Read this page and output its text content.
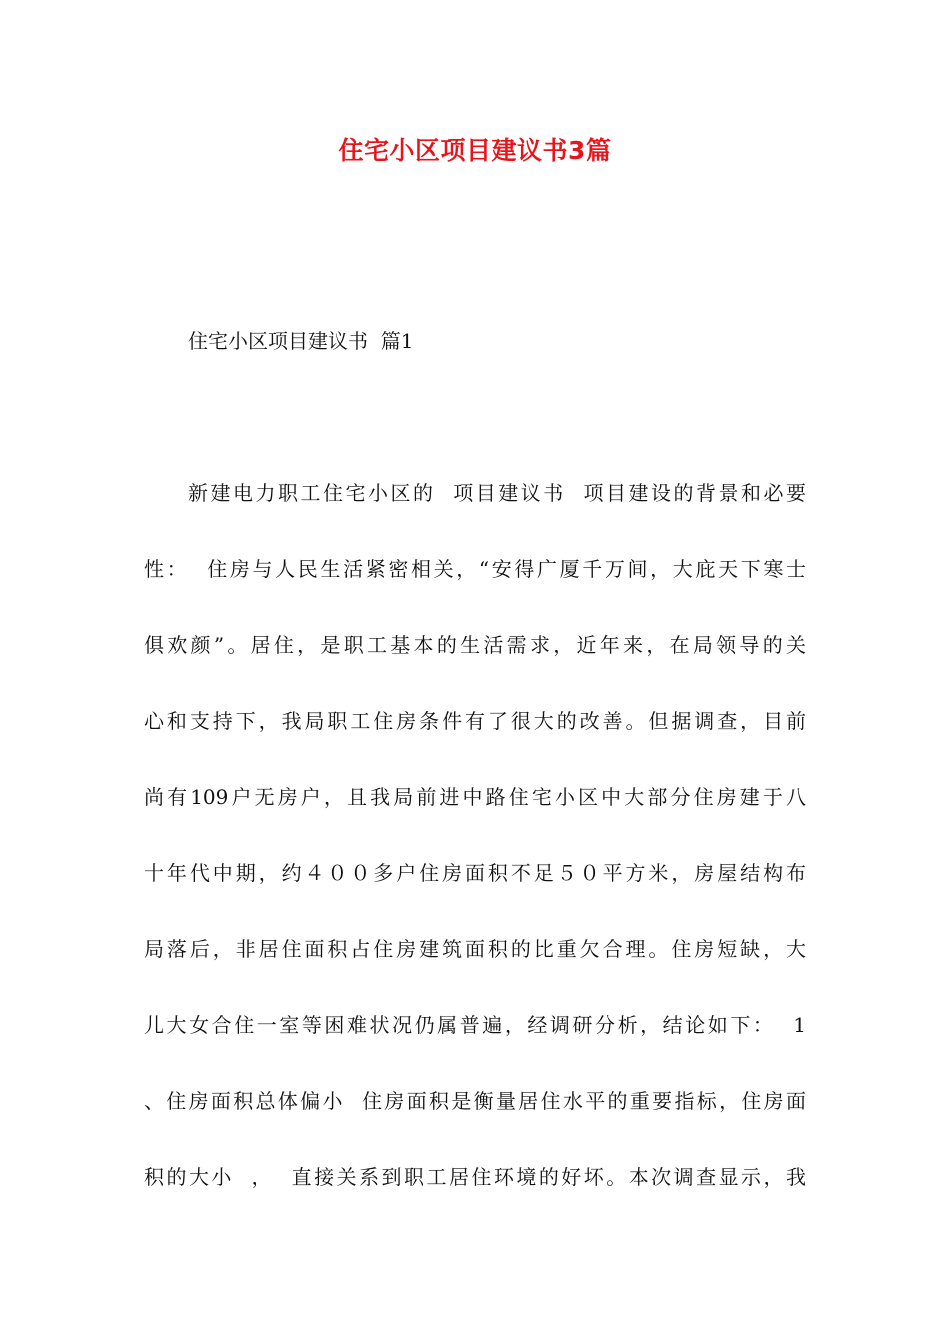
住宅小区项目建议书3篇
住宅小区项目建议书  篇1
新建电力职工住宅小区的  项目建议书  项目建设的背景和必要
性：  住房与人民生活紧密相关，“安得广厦千万间，大庇天下寒士
俱欢颜”。居住，是职工基本的生活需求，近年来，在局领导的关
心和支持下，我局职工住房条件有了很大的改善。但据调查，目前
尚有109户无房户，且我局前进中路住宅小区中大部分住房建于八
十年代中期，约４００多户住房面积不足５０平方米，房屋结构布
局落后，非居住面积占住房建筑面积的比重欠合理。住房短缺，大
儿大女合住一室等困难状况仍属普遍，经调研分析，结论如下：  1
、住房面积总体偏小  住房面积是衡量居住水平的重要指标，住房面
积的大小  ，  直接关系到职工居住环境的好坏。本次调查显示，我
